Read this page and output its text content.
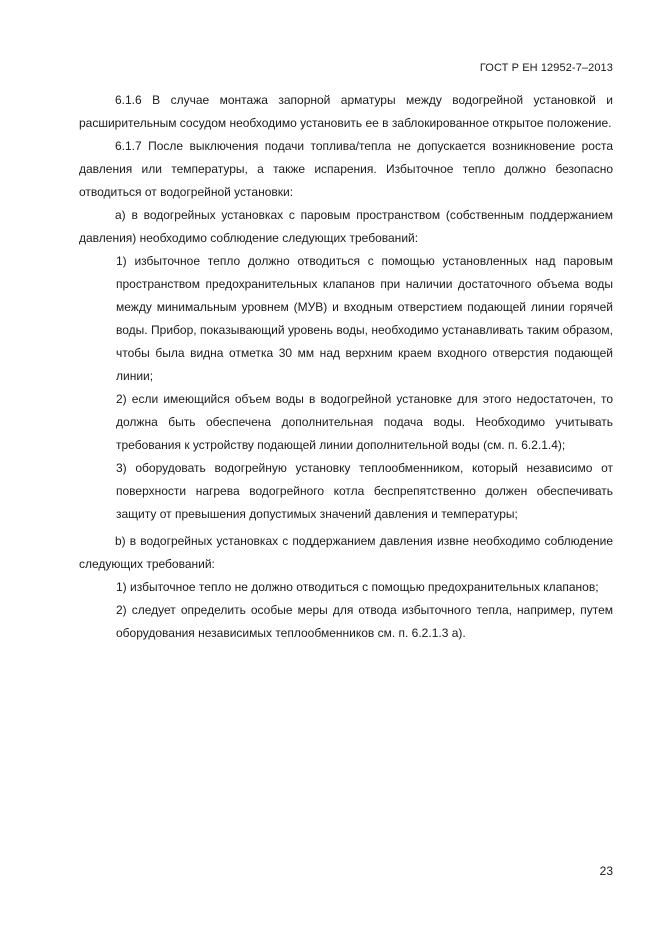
ГОСТ Р ЕН 12952-7–2013

6.1.6 В случае монтажа запорной арматуры между водогрейной установкой и расширительным сосудом необходимо установить ее в заблокированное открытое положение.

6.1.7 После выключения подачи топлива/тепла не допускается возникновение роста давления или температуры, а также испарения. Избыточное тепло должно безопасно отводиться от водогрейной установки:

а) в водогрейных установках с паровым пространством (собственным поддержанием давления) необходимо соблюдение следующих требований:

1) избыточное тепло должно отводиться с помощью установленных над паровым пространством предохранительных клапанов при наличии достаточного объема воды между минимальным уровнем (МУВ) и входным отверстием подающей линии горячей воды. Прибор, показывающий уровень воды, необходимо устанавливать таким образом, чтобы была видна отметка 30 мм над верхним краем входного отверстия подающей линии;

2) если имеющийся объем воды в водогрейной установке для этого недостаточен, то должна быть обеспечена дополнительная подача воды. Необходимо учитывать требования к устройству подающей линии дополнительной воды (см. п. 6.2.1.4);

3) оборудовать водогрейную установку теплообменником, который независимо от поверхности нагрева водогрейного котла беспрепятственно должен обеспечивать защиту от превышения допустимых значений давления и температуры;

b) в водогрейных установках с поддержанием давления извне необходимо соблюдение следующих требований:

1) избыточное тепло не должно отводиться с помощью предохранительных клапанов;

2) следует определить особые меры для отвода избыточного тепла, например, путем оборудования независимых теплообменников см. п. 6.2.1.3 а).

23
